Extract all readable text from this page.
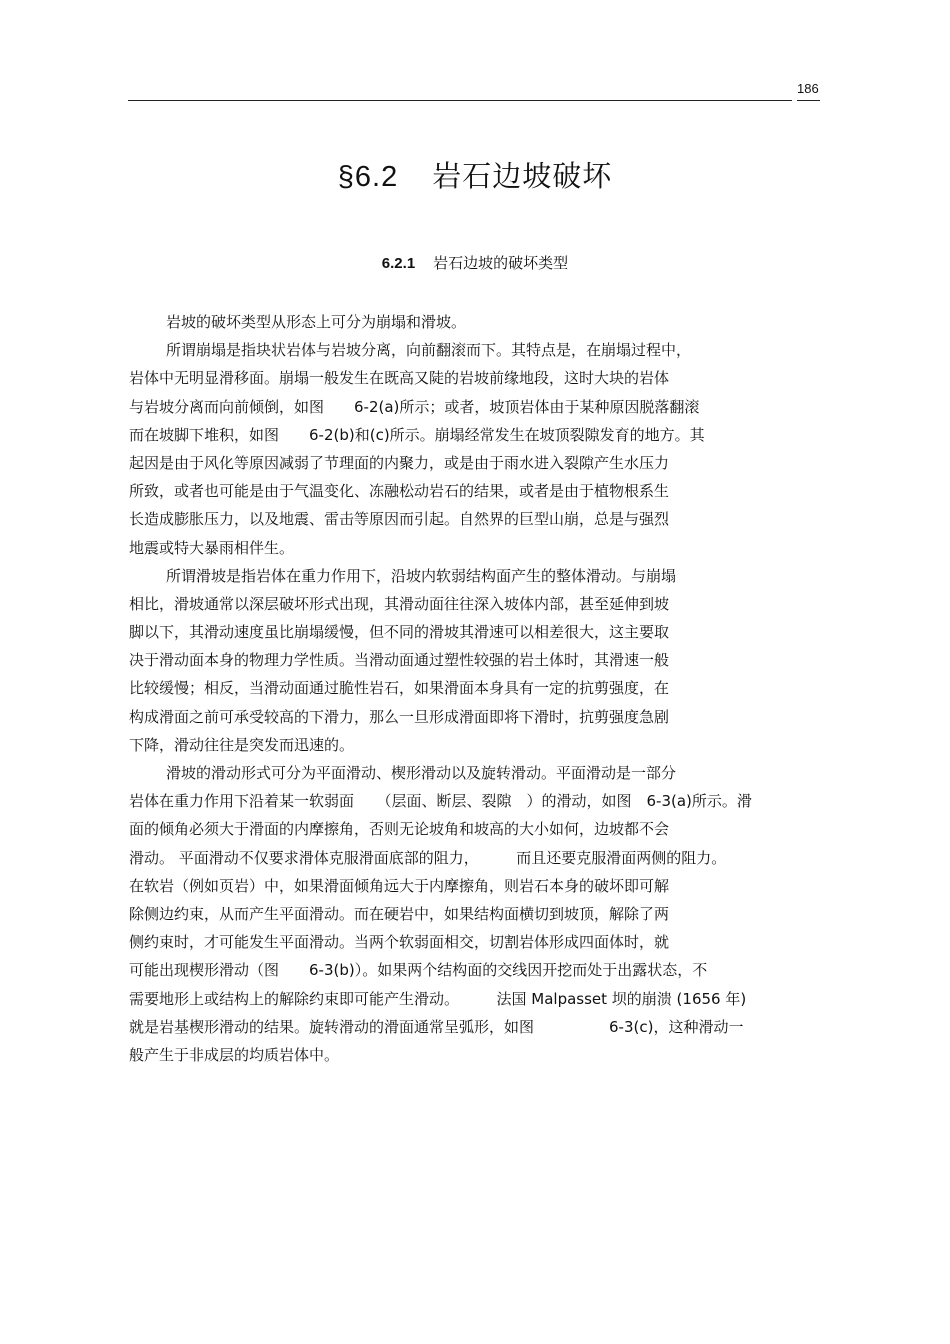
186
§6.2 岩石边坡破坏
6.2.1 岩石边坡的破坏类型
岩坡的破坏类型从形态上可分为崩塌和滑坡。
所谓崩塌是指块状岩体与岩坡分离，向前翻滚而下。其特点是，在崩塌过程中，
岩体中无明显滑移面。崩塌一般发生在既高又陡的岩坡前缘地段，这时大块的岩体
与岩坡分离而向前倾倒，如图　　6-2(a)所示；或者，坡顶岩体由于某种原因脱落翻滚
而在坡脚下堆积，如图　　6-2(b)和(c)所示。崩塌经常发生在坡顶裂隙发育的地方。其
起因是由于风化等原因减弱了节理面的内聚力，或是由于雨水进入裂隙产生水压力
所致，或者也可能是由于气温变化、冻融松动岩石的结果，或者是由于植物根系生
长造成膨胀压力，以及地震、雷击等原因而引起。自然界的巨型山崩，总是与强烈
地震或特大暴雨相伴生。
所谓滑坡是指岩体在重力作用下，沿坡内软弱结构面产生的整体滑动。与崩塌
相比，滑坡通常以深层破坏形式出现，其滑动面往往深入坡体内部，甚至延伸到坡
脚以下，其滑动速度虽比崩塌缓慢，但不同的滑坡其滑速可以相差很大，这主要取
决于滑动面本身的物理力学性质。当滑动面通过塑性较强的岩土体时，其滑速一般
比较缓慢；相反，当滑动面通过脆性岩石，如果滑面本身具有一定的抗剪强度，在
构成滑面之前可承受较高的下滑力，那么一旦形成滑面即将下滑时，抗剪强度急剧
下降，滑动往往是突发而迅速的。
滑坡的滑动形式可分为平面滑动、楔形滑动以及旋转滑动。平面滑动是一部分
岩体在重力作用下沿着某一软弱面　　（层面、断层、裂隙　）的滑动，如图　6-3(a)所示。滑
面的倾角必须大于滑面的内摩擦角，否则无论坡角和坡高的大小如何，边坡都不会
滑动。 平面滑动不仅要求滑体克服滑面底部的阻力，　　　而且还要克服滑面两侧的阻力。
在软岩（例如页岩）中，如果滑面倾角远大于内摩擦角，则岩石本身的破坏即可解
除侧边约束，从而产生平面滑动。而在硬岩中，如果结构面横切到坡顶，解除了两
侧约束时，才可能发生平面滑动。当两个软弱面相交，切割岩体形成四面体时，就
可能出现楔形滑动（图　　6-3(b)）。如果两个结构面的交线因开挖而处于出露状态，不
需要地形上或结构上的解除约束即可能产生滑动。　　　法国 Malpasset 坝的崩溃 (1656 年)
就是岩基楔形滑动的结果。旋转滑动的滑面通常呈弧形，如图　　　　　6-3(c)，这种滑动一
般产生于非成层的均质岩体中。
